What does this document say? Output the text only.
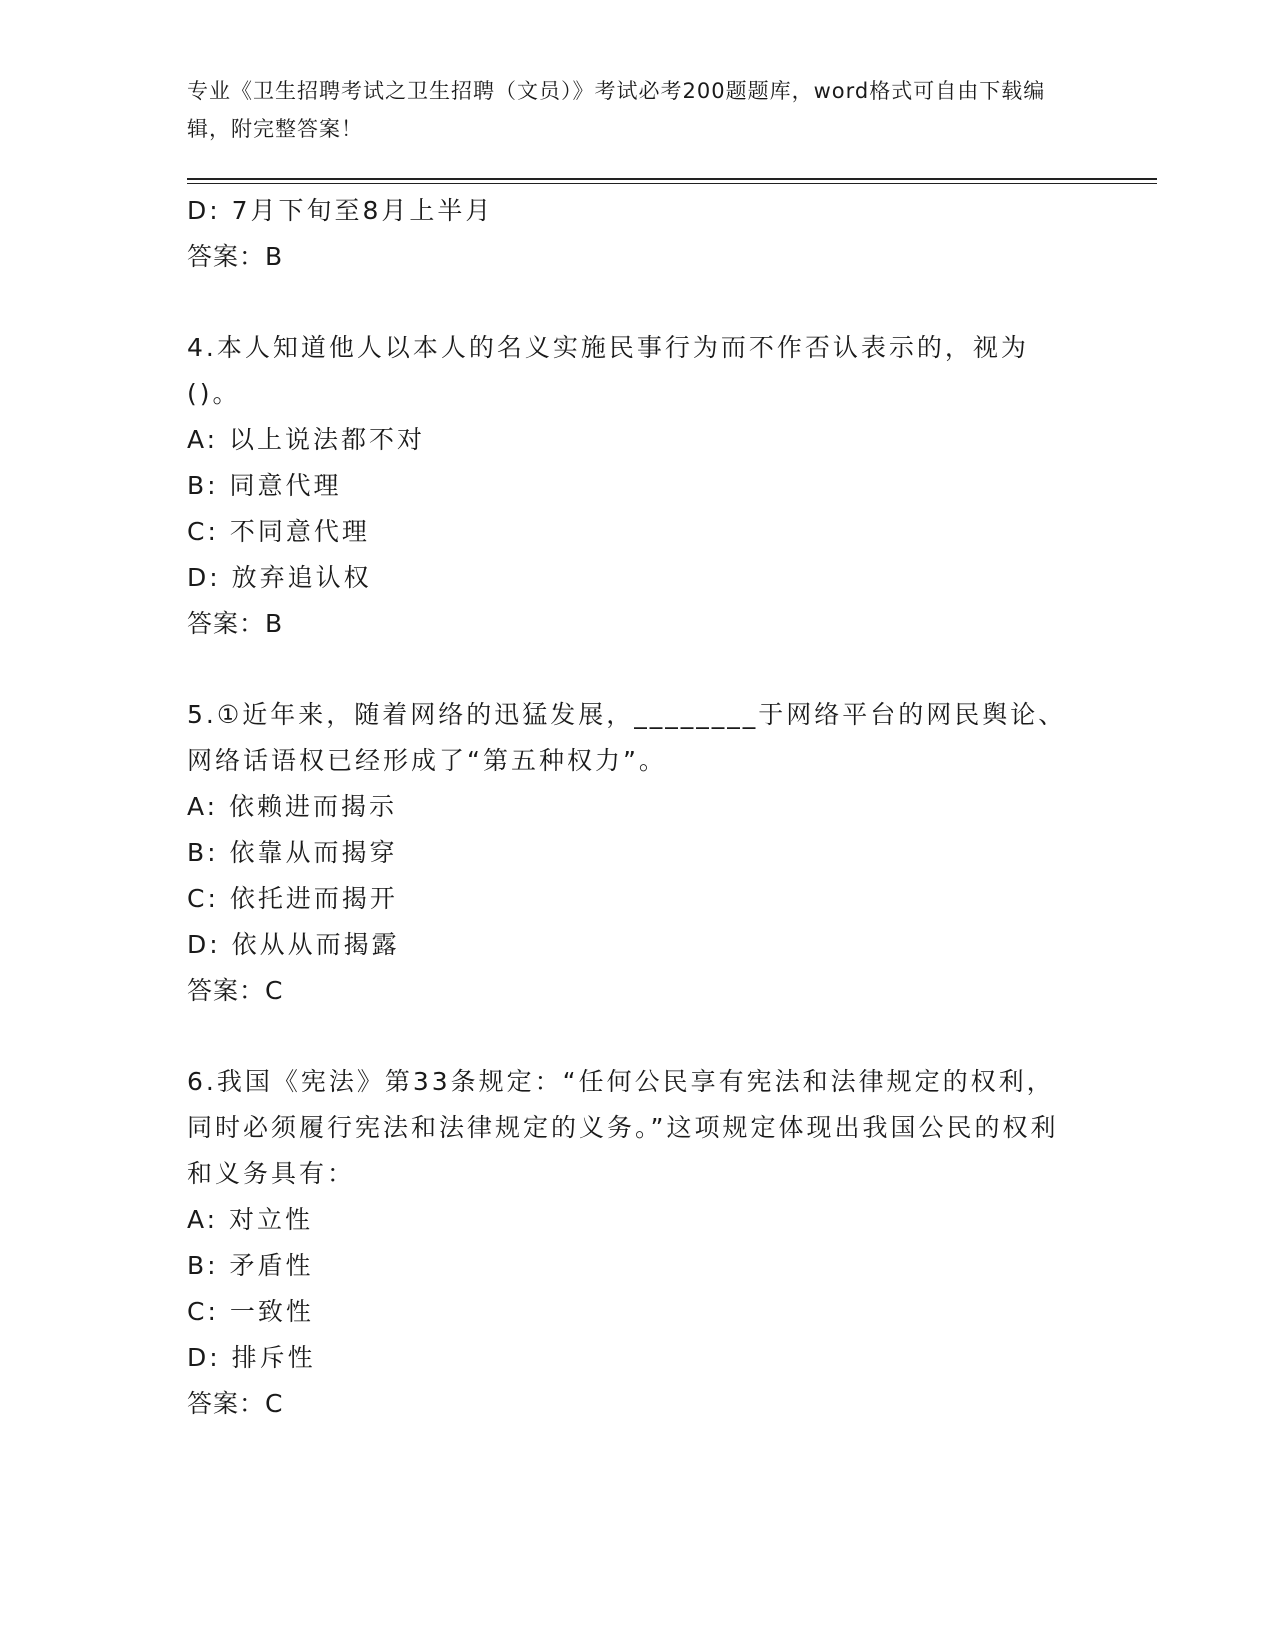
专业《卫生招聘考试之卫生招聘（文员）》考试必考200题题库，word格式可自由下载编辑，附完整答案！
D: 7月下旬至8月上半月
答案：B
4.本人知道他人以本人的名义实施民事行为而不作否认表示的，视为()。
A: 以上说法都不对
B: 同意代理
C: 不同意代理
D: 放弃追认权
答案：B
5.①近年来，随着网络的迅猛发展，________于网络平台的网民舆论、网络话语权已经形成了“第五种权力”。
A: 依赖进而揭示
B: 依靠从而揭穿
C: 依托进而揭开
D: 依从从而揭露
答案：C
6.我国《宪法》第33条规定：“任何公民享有宪法和法律规定的权利，同时必须履行宪法和法律规定的义务。”这项规定体现出我国公民的权利和义务具有：
A: 对立性
B: 矛盾性
C: 一致性
D: 排斥性
答案：C
